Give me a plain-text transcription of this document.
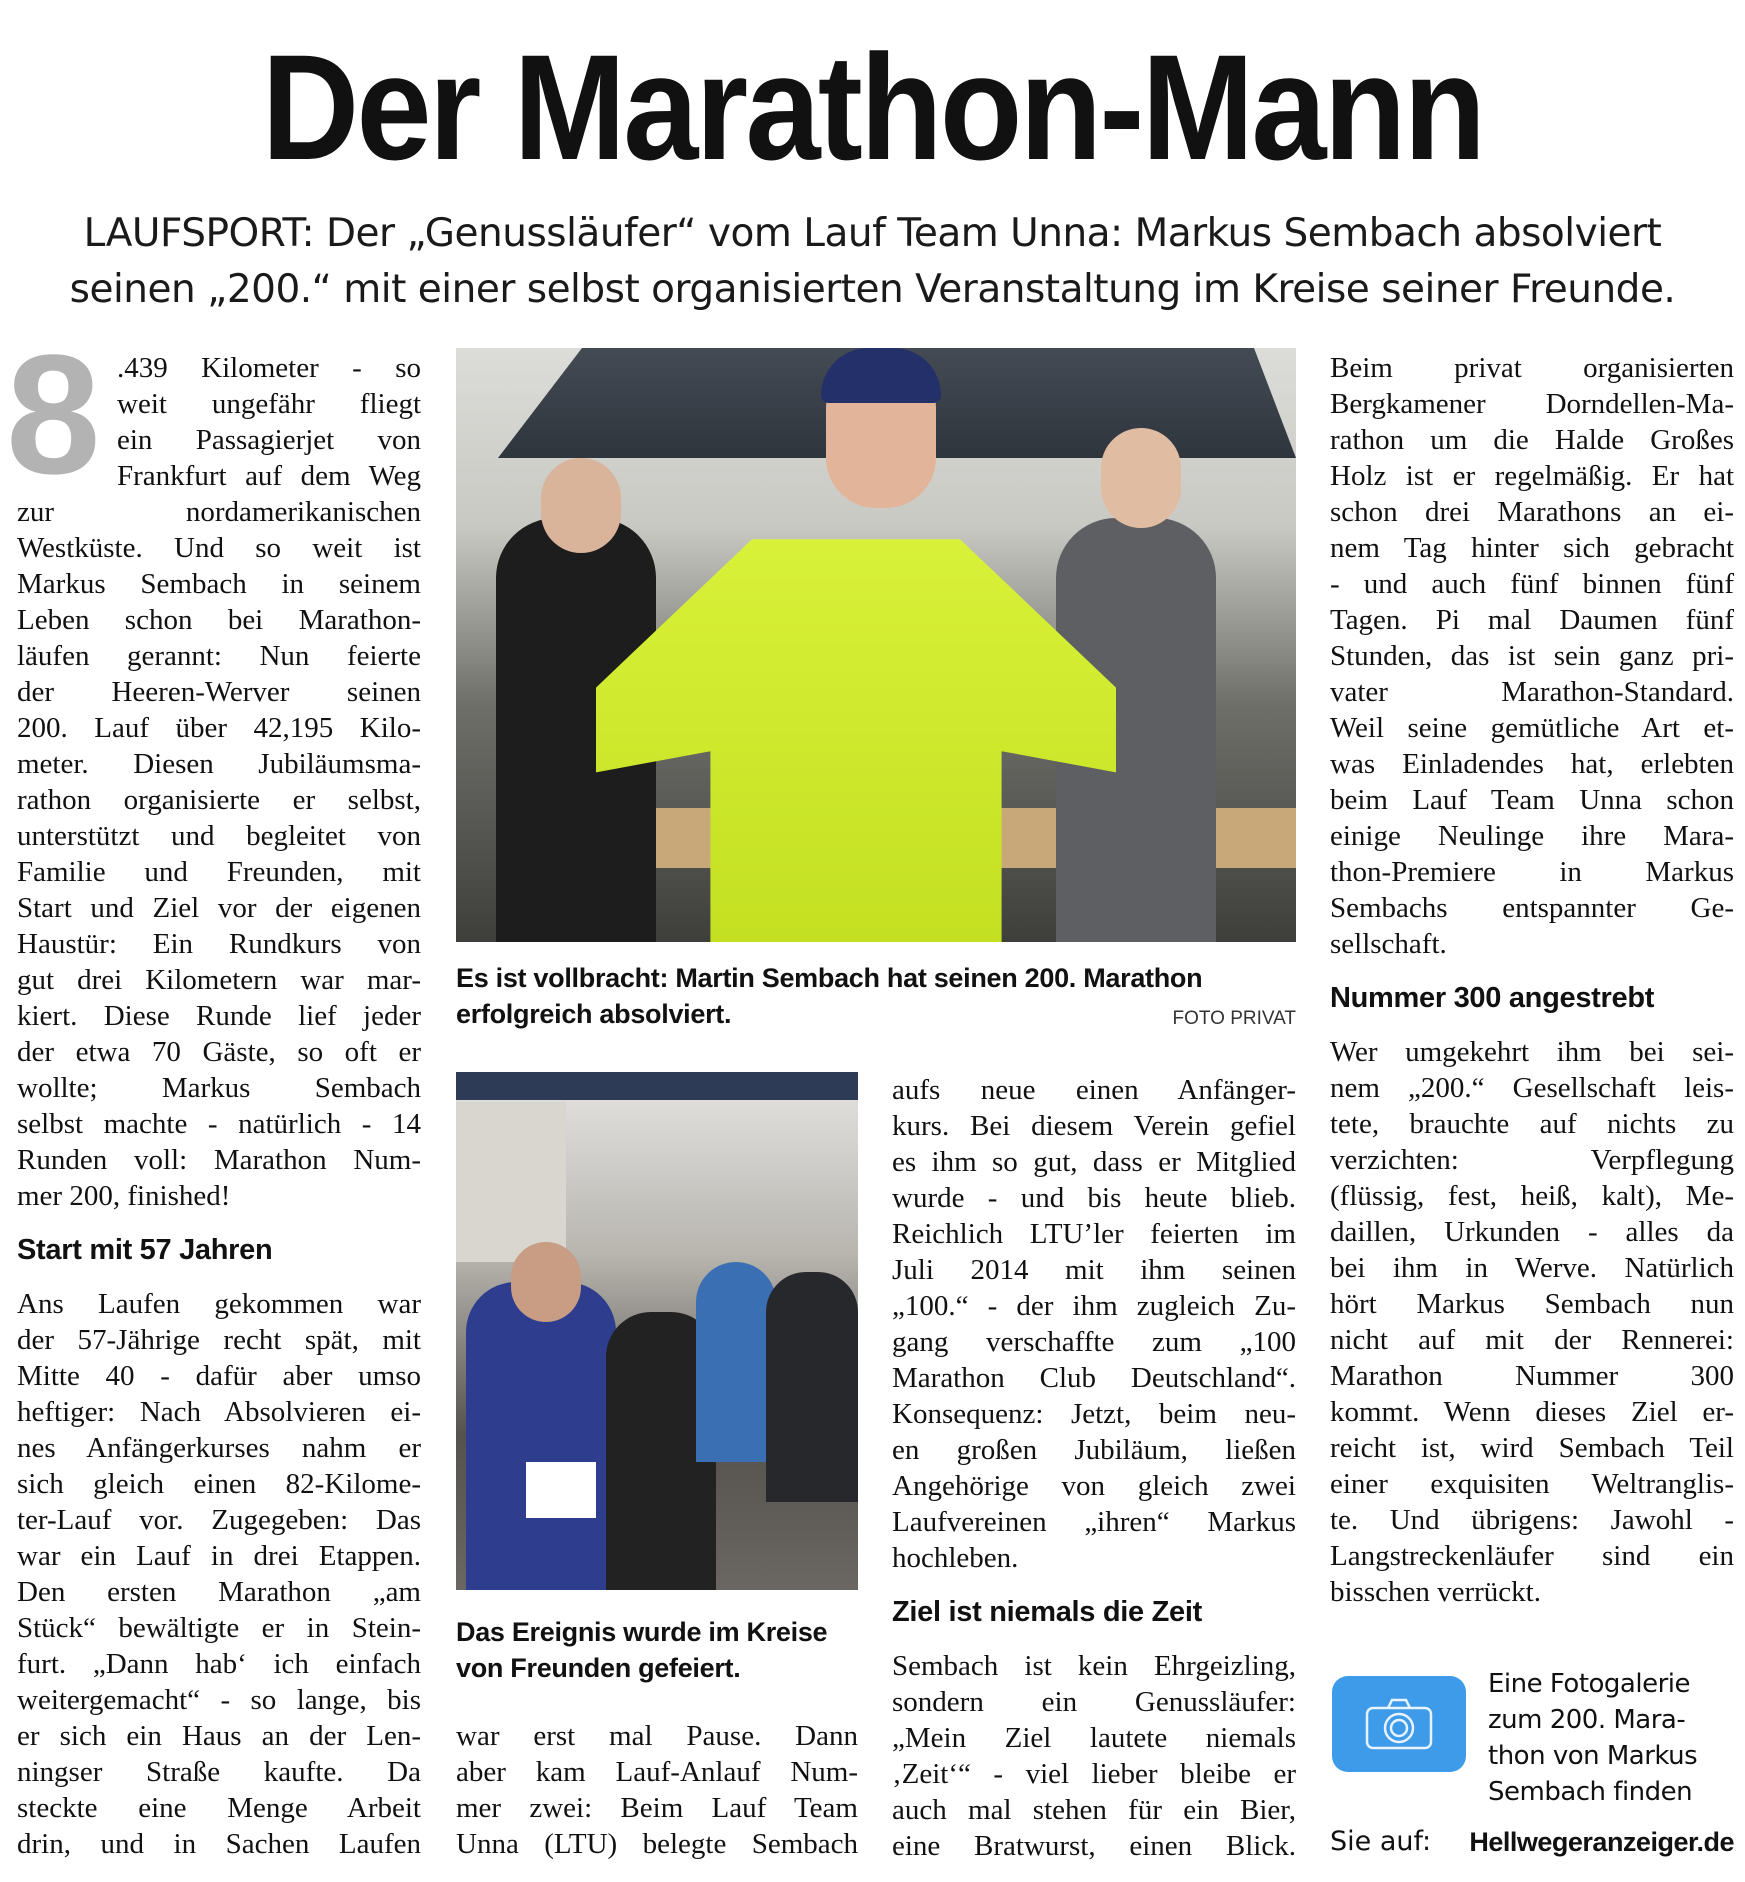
Der Marathon-Mann
LAUFSPORT: Der „Genussläufer“ vom Lauf Team Unna: Markus Sembach absolviert
seinen „200.“ mit einer selbst organisierten Veranstaltung im Kreise seiner Freunde.
8 .439 Kilometer - so
weit ungefähr fliegt
ein Passagierjet von
Frankfurt auf dem Weg
zur nordamerikanischen
Westküste. Und so weit ist
Markus Sembach in seinem
Leben schon bei Marathon-
läufen gerannt: Nun feierte
der Heeren-Werver seinen
200. Lauf über 42,195 Kilo-
meter. Diesen Jubiläumsma-
rathon organisierte er selbst,
unterstützt und begleitet von
Familie und Freunden, mit
Start und Ziel vor der eigenen
Haustür: Ein Rundkurs von
gut drei Kilometern war mar-
kiert. Diese Runde lief jeder
der etwa 70 Gäste, so oft er
wollte; Markus Sembach
selbst machte - natürlich - 14
Runden voll: Marathon Num-
mer 200, finished!
Start mit 57 Jahren
Ans Laufen gekommen war
der 57-Jährige recht spät, mit
Mitte 40 - dafür aber umso
heftiger: Nach Absolvieren ei-
nes Anfängerkurses nahm er
sich gleich einen 82-Kilome-
ter-Lauf vor. Zugegeben: Das
war ein Lauf in drei Etappen.
Den ersten Marathon „am
Stück“ bewältigte er in Stein-
furt. „Dann hab‘ ich einfach
weitergemacht“ - so lange, bis
er sich ein Haus an der Len-
ningser Straße kaufte. Da
steckte eine Menge Arbeit
drin, und in Sachen Laufen
war erst mal Pause. Dann
aber kam Lauf-Anlauf Num-
mer zwei: Beim Lauf Team
Unna (LTU) belegte Sembach
aufs neue einen Anfänger-
kurs. Bei diesem Verein gefiel
es ihm so gut, dass er Mitglied
wurde - und bis heute blieb.
Reichlich LTU’ler feierten im
Juli 2014 mit ihm seinen
„100.“ - der ihm zugleich Zu-
gang verschaffte zum „100
Marathon Club Deutschland“.
Konsequenz: Jetzt, beim neu-
en großen Jubiläum, ließen
Angehörige von gleich zwei
Laufvereinen „ihren“ Markus
hochleben.
Ziel ist niemals die Zeit
Sembach ist kein Ehrgeizling,
sondern ein Genussläufer:
„Mein Ziel lautete niemals
‚Zeit‘“ - viel lieber bleibe er
auch mal stehen für ein Bier,
eine Bratwurst, einen Blick.
Beim privat organisierten
Bergkamener Dorndellen-Ma-
rathon um die Halde Großes
Holz ist er regelmäßig. Er hat
schon drei Marathons an ei-
nem Tag hinter sich gebracht
- und auch fünf binnen fünf
Tagen. Pi mal Daumen fünf
Stunden, das ist sein ganz pri-
vater Marathon-Standard.
Weil seine gemütliche Art et-
was Einladendes hat, erlebten
beim Lauf Team Unna schon
einige Neulinge ihre Mara-
thon-Premiere in Markus
Sembachs entspannter Ge-
sellschaft.
Nummer 300 angestrebt
Wer umgekehrt ihm bei sei-
nem „200.“ Gesellschaft leis-
tete, brauchte auf nichts zu
verzichten: Verpflegung
(flüssig, fest, heiß, kalt), Me-
daillen, Urkunden - alles da
bei ihm in Werve. Natürlich
hört Markus Sembach nun
nicht auf mit der Rennerei:
Marathon Nummer 300
kommt. Wenn dieses Ziel er-
reicht ist, wird Sembach Teil
einer exquisiten Weltranglis-
te. Und übrigens: Jawohl -
Langstreckenläufer sind ein
bisschen verrückt.
Es ist vollbracht: Martin Sembach hat seinen 200. Marathon
erfolgreich absolviert.	FOTO PRIVAT
Das Ereignis wurde im Kreise
von Freunden gefeiert.
Eine Fotogalerie
zum 200. Mara-
thon von Markus
Sembach finden
Sie auf: Hellwegeranzeiger.de
